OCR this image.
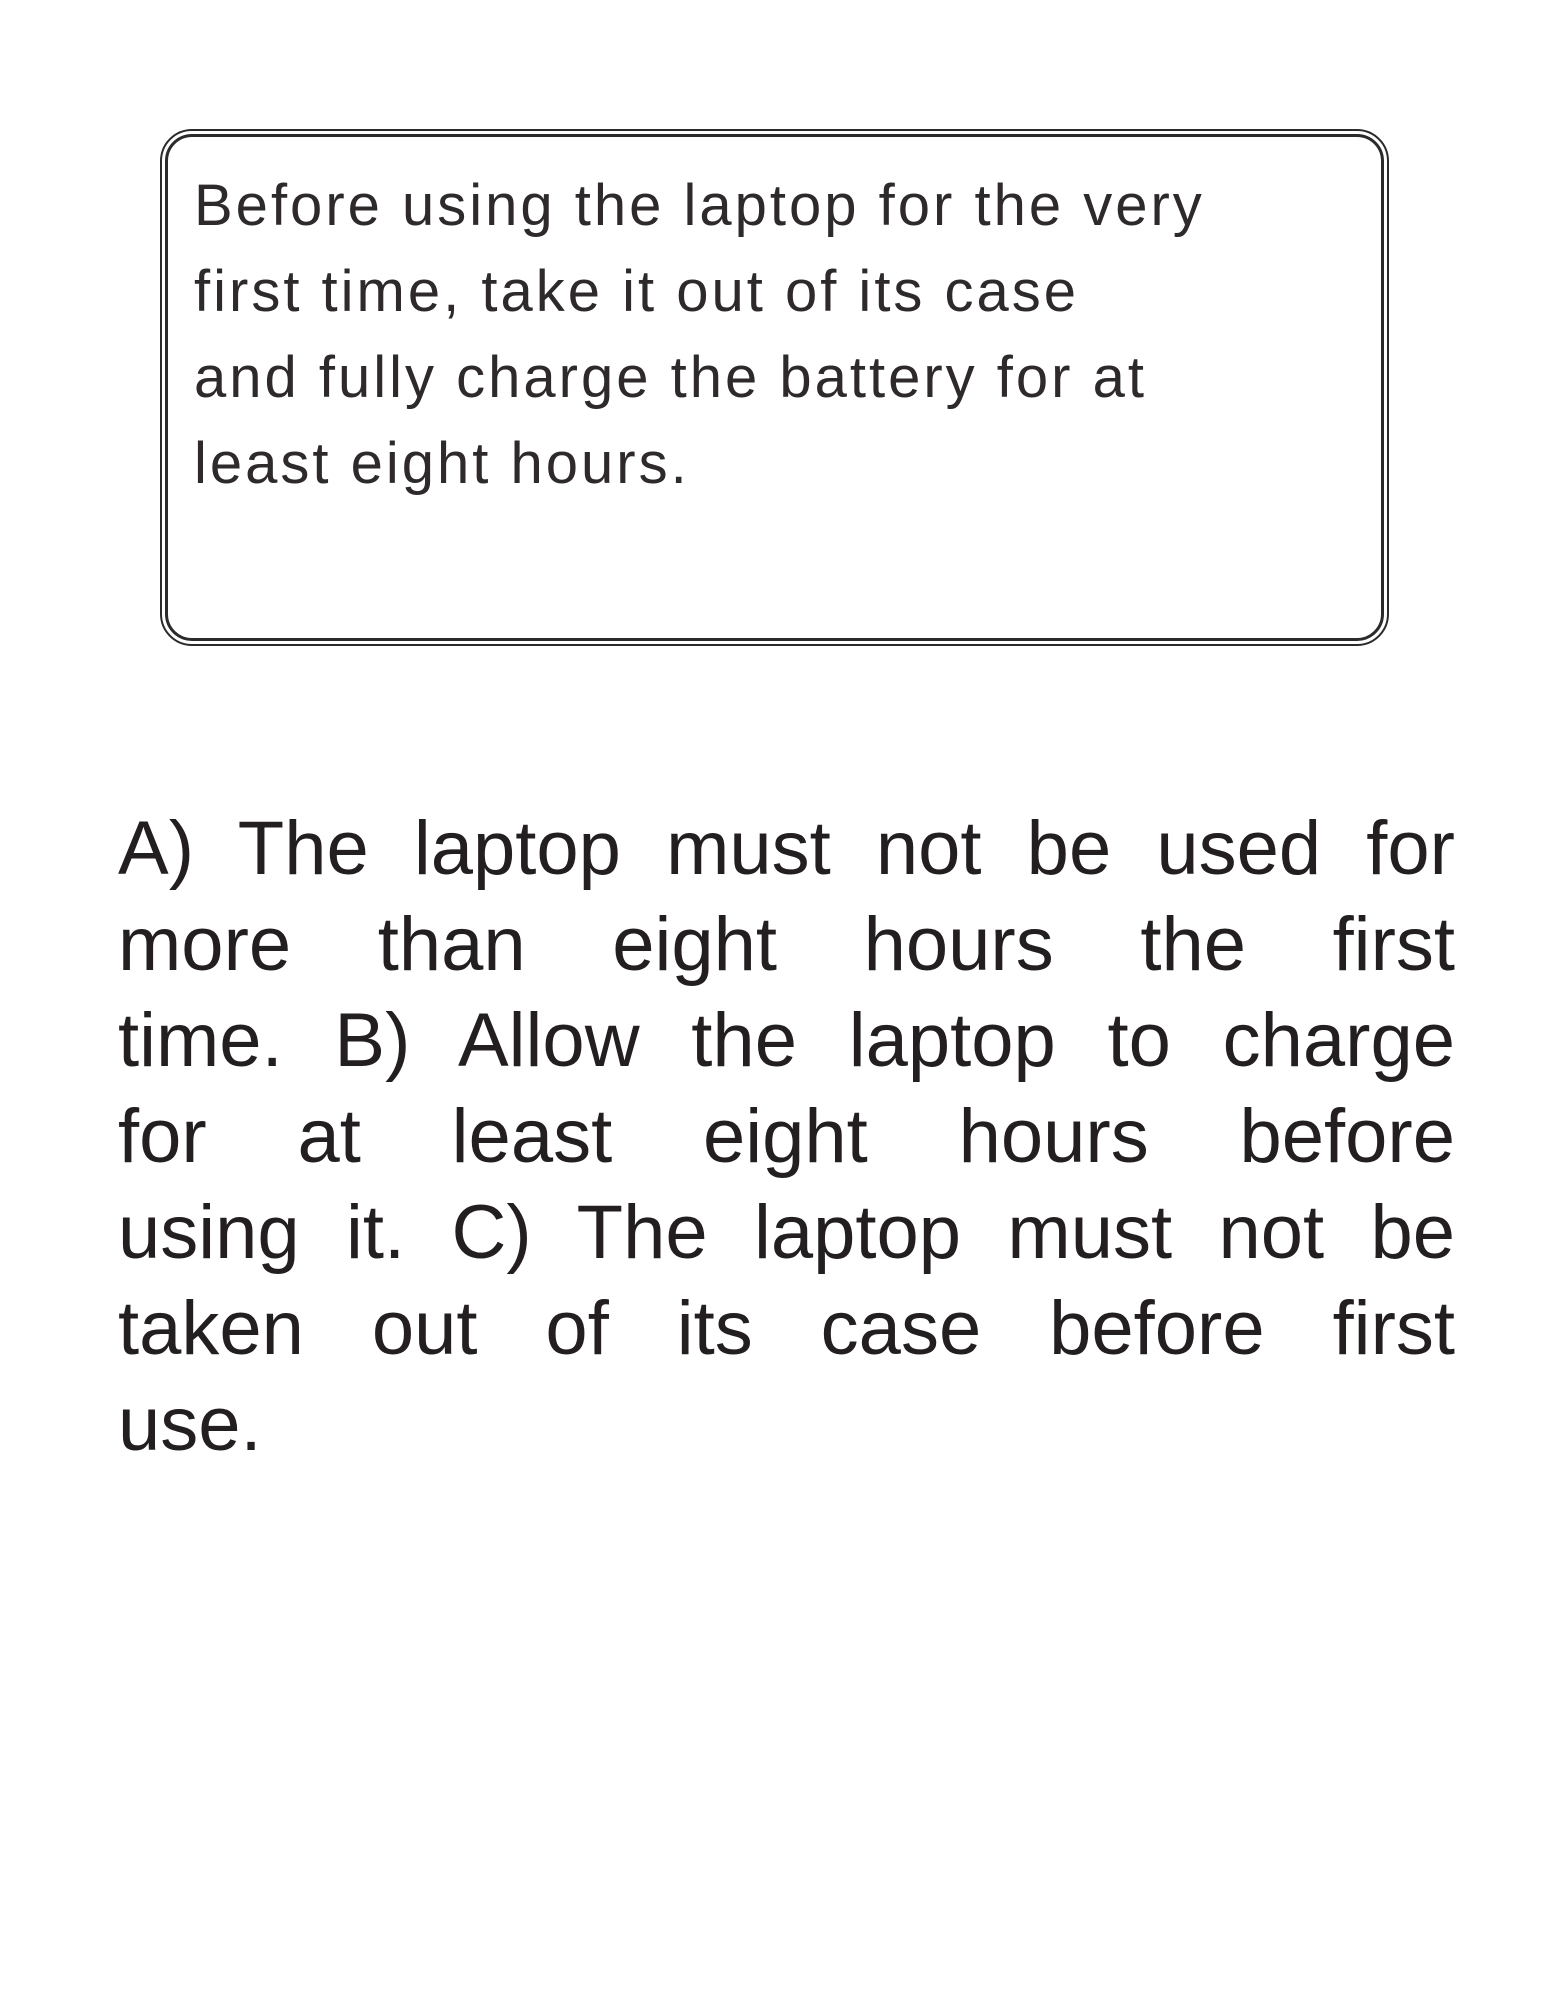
Before using the laptop for the very
first time, take it out of its case
and fully charge the battery for at
least eight hours.
A) The laptop must not be used for
more than eight hours the first
time. B) Allow the laptop to charge
for at least eight hours before
using it. C) The laptop must not be
taken out of its case before first
use.
